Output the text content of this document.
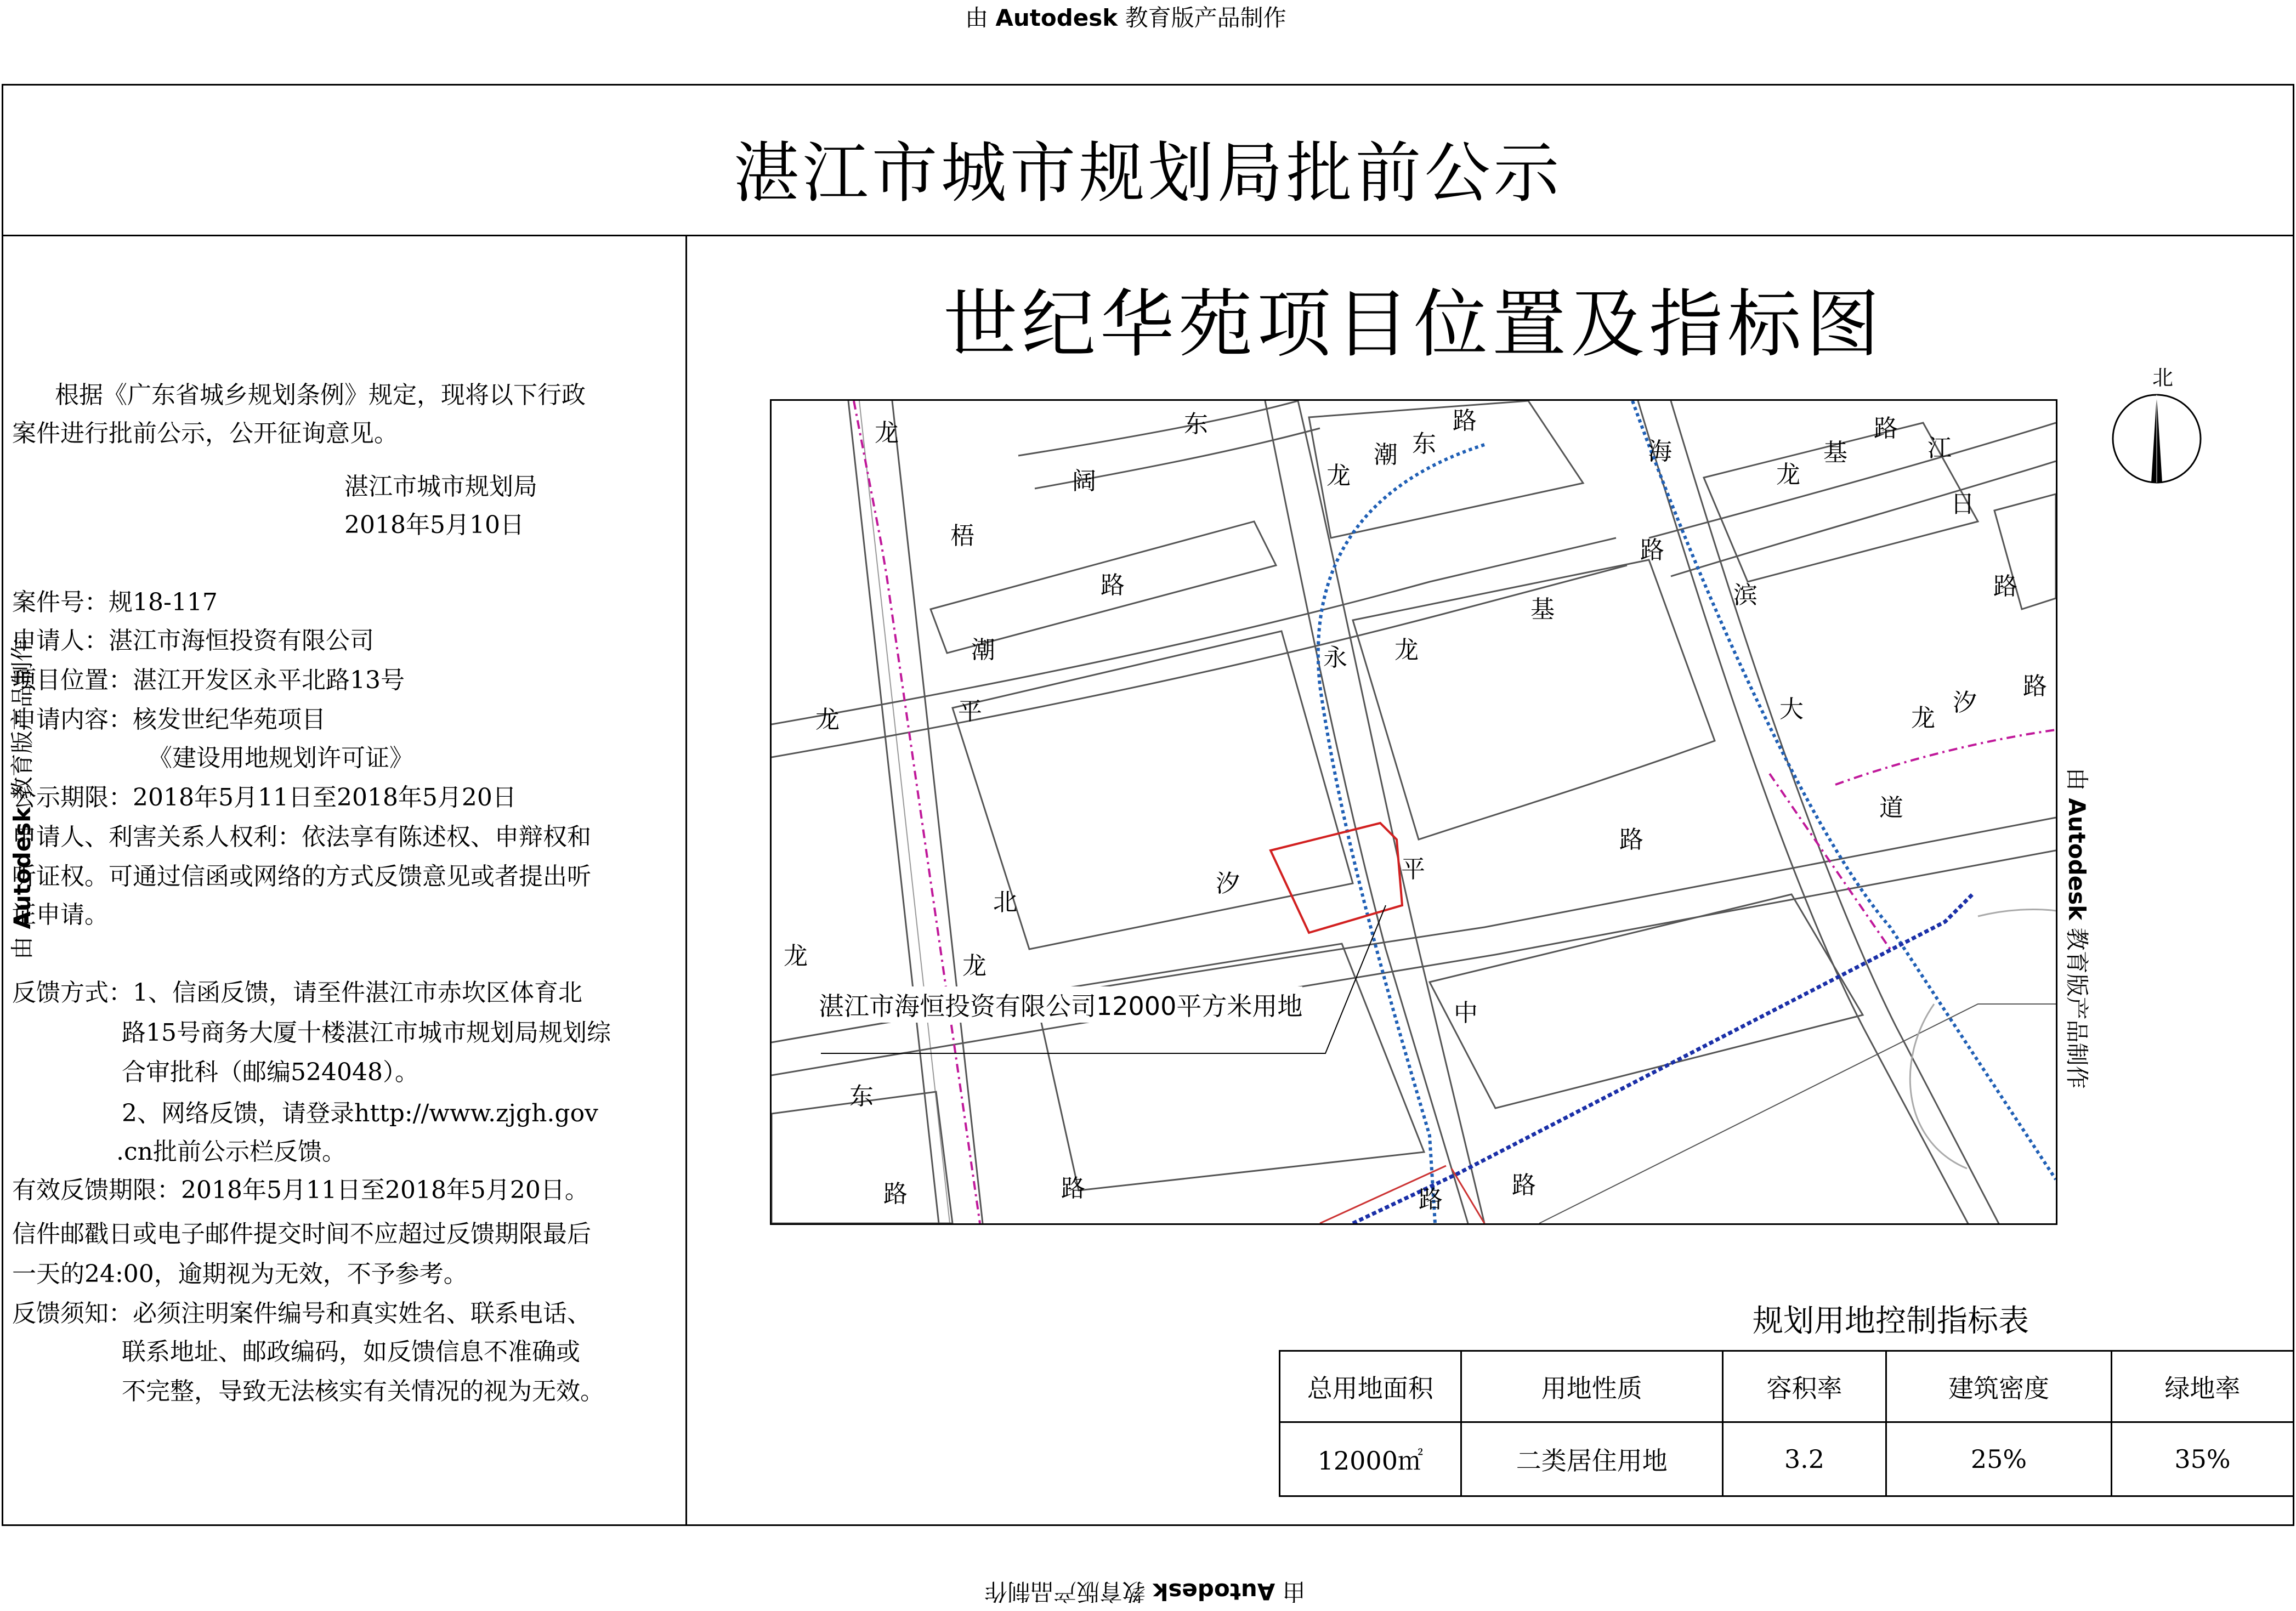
由 Autodesk 教育版产品制作
由 Autodesk 教育版产品制作
由 Autodesk 教育版产品制作
由 Autodesk 教育版产品制作
湛江市城市规划局批前公示
根据《广东省城乡规划条例》规定，现将以下行政
案件进行批前公示，公开征询意见。
湛江市城市规划局
2018年5月10日
案件号：规18-117
申请人：湛江市海恒投资有限公司
项目位置：湛江开发区永平北路13号
申请内容：核发世纪华苑项目
《建设用地规划许可证》
公示期限：2018年5月11日至2018年5月20日
申请人、利害关系人权利：依法享有陈述权、申辩权和
听证权。可通过信函或网络的方式反馈意见或者提出听
证申请。
反馈方式：1、信函反馈，请至件湛江市赤坎区体育北
路15号商务大厦十楼湛江市城市规划局规划综
合审批科（邮编524048）。
2、网络反馈，请登录http://www.zjgh.gov
.cn批前公示栏反馈。
有效反馈期限：2018年5月11日至2018年5月20日。
信件邮戳日或电子邮件提交时间不应超过反馈期限最后
一天的24:00，逾期视为无效，不予参考。
反馈须知：必须注明案件编号和真实姓名、联系电话、
联系地址、邮政编码，如反馈信息不准确或
不完整，导致无法核实有关情况的视为无效。
世纪华苑项目位置及指标图
北
龙	东
阔
梧
路
龙
潮 东
路
海
龙
基
路
江
日
路
路
滨
基
路
潮	永 龙
龙	平	大	龙
汐
路
道
汐
北
平
龙	龙
中
东
路	路	路
路
湛江市海恒投资有限公司12000平方米用地
规划用地控制指标表
总用地面积	用地性质	容积率	建筑密度	绿地率
12000㎡	二类居住用地	3.2	25%	35%
